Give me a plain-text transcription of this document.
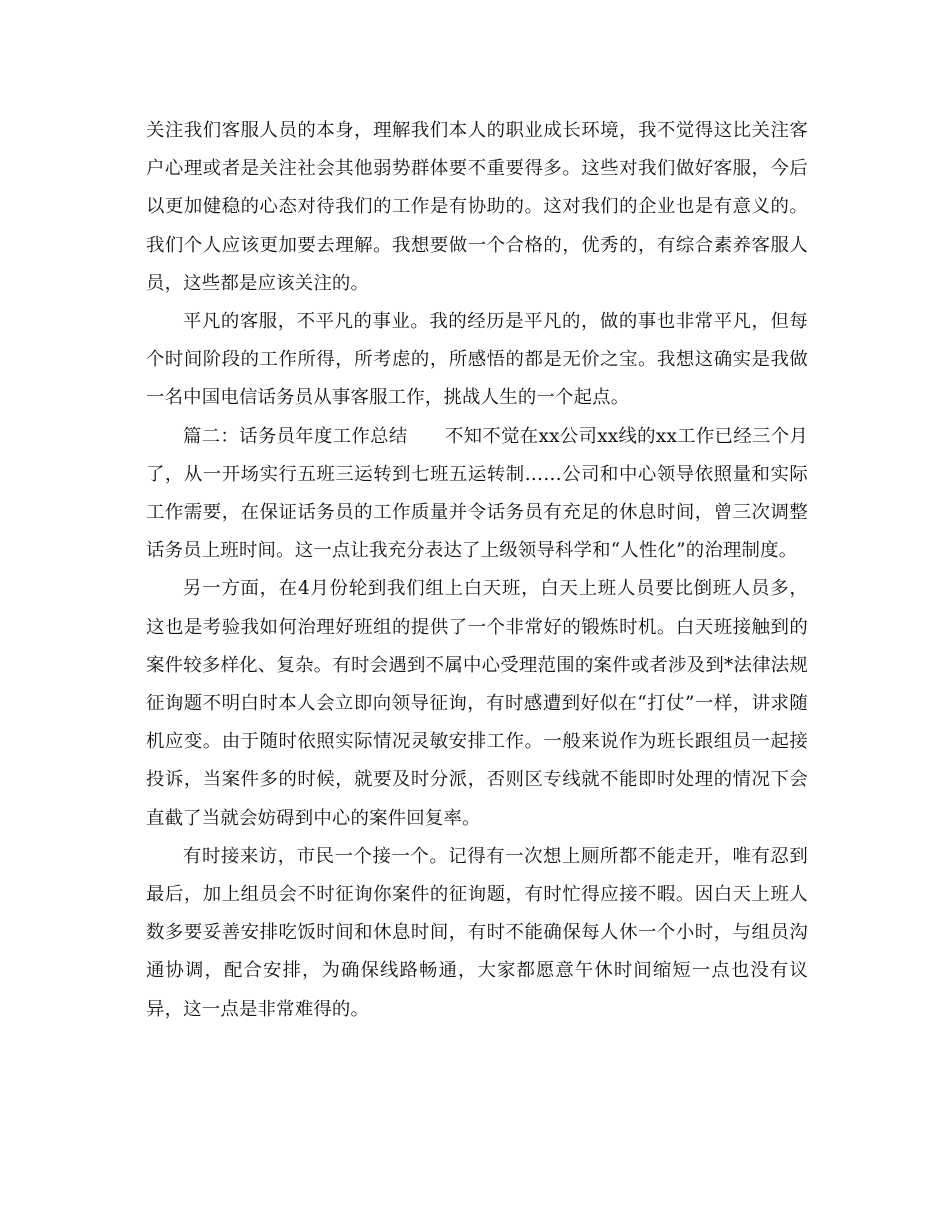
关注我们客服人员的本身，理解我们本人的职业成长环境，我不觉得这比关注客户心理或者是关注社会其他弱势群体要不重要得多。这些对我们做好客服，今后以更加健稳的心态对待我们的工作是有协助的。这对我们的企业也是有意义的。我们个人应该更加要去理解。我想要做一个合格的，优秀的，有综合素养客服人员，这些都是应该关注的。

平凡的客服，不平凡的事业。我的经历是平凡的，做的事也非常平凡，但每个时间阶段的工作所得，所考虑的，所感悟的都是无价之宝。我想这确实是我做一名中国电信话务员从事客服工作，挑战人生的一个起点。

篇二：话务员年度工作总结　　不知不觉在xx公司xx线的xx工作已经三个月了，从一开场实行五班三运转到七班五运转制……公司和中心领导依照量和实际工作需要，在保证话务员的工作质量并令话务员有充足的休息时间，曾三次调整话务员上班时间。这一点让我充分表达了上级领导科学和“人性化”的治理制度。

另一方面，在4月份轮到我们组上白天班，白天上班人员要比倒班人员多，这也是考验我如何治理好班组的提供了一个非常好的锻炼时机。白天班接触到的案件较多样化、复杂。有时会遇到不属中心受理范围的案件或者涉及到*法律法规征询题不明白时本人会立即向领导征询，有时感遭到好似在“打仗”一样，讲求随机应变。由于随时依照实际情况灵敏安排工作。一般来说作为班长跟组员一起接投诉，当案件多的时候，就要及时分派，否则区专线就不能即时处理的情况下会直截了当就会妨碍到中心的案件回复率。

有时接来访，市民一个接一个。记得有一次想上厕所都不能走开，唯有忍到最后，加上组员会不时征询你案件的征询题，有时忙得应接不暇。因白天上班人数多要妥善安排吃饭时间和休息时间，有时不能确保每人休一个小时，与组员沟通协调，配合安排，为确保线路畅通，大家都愿意午休时间缩短一点也没有议异，这一点是非常难得的。
